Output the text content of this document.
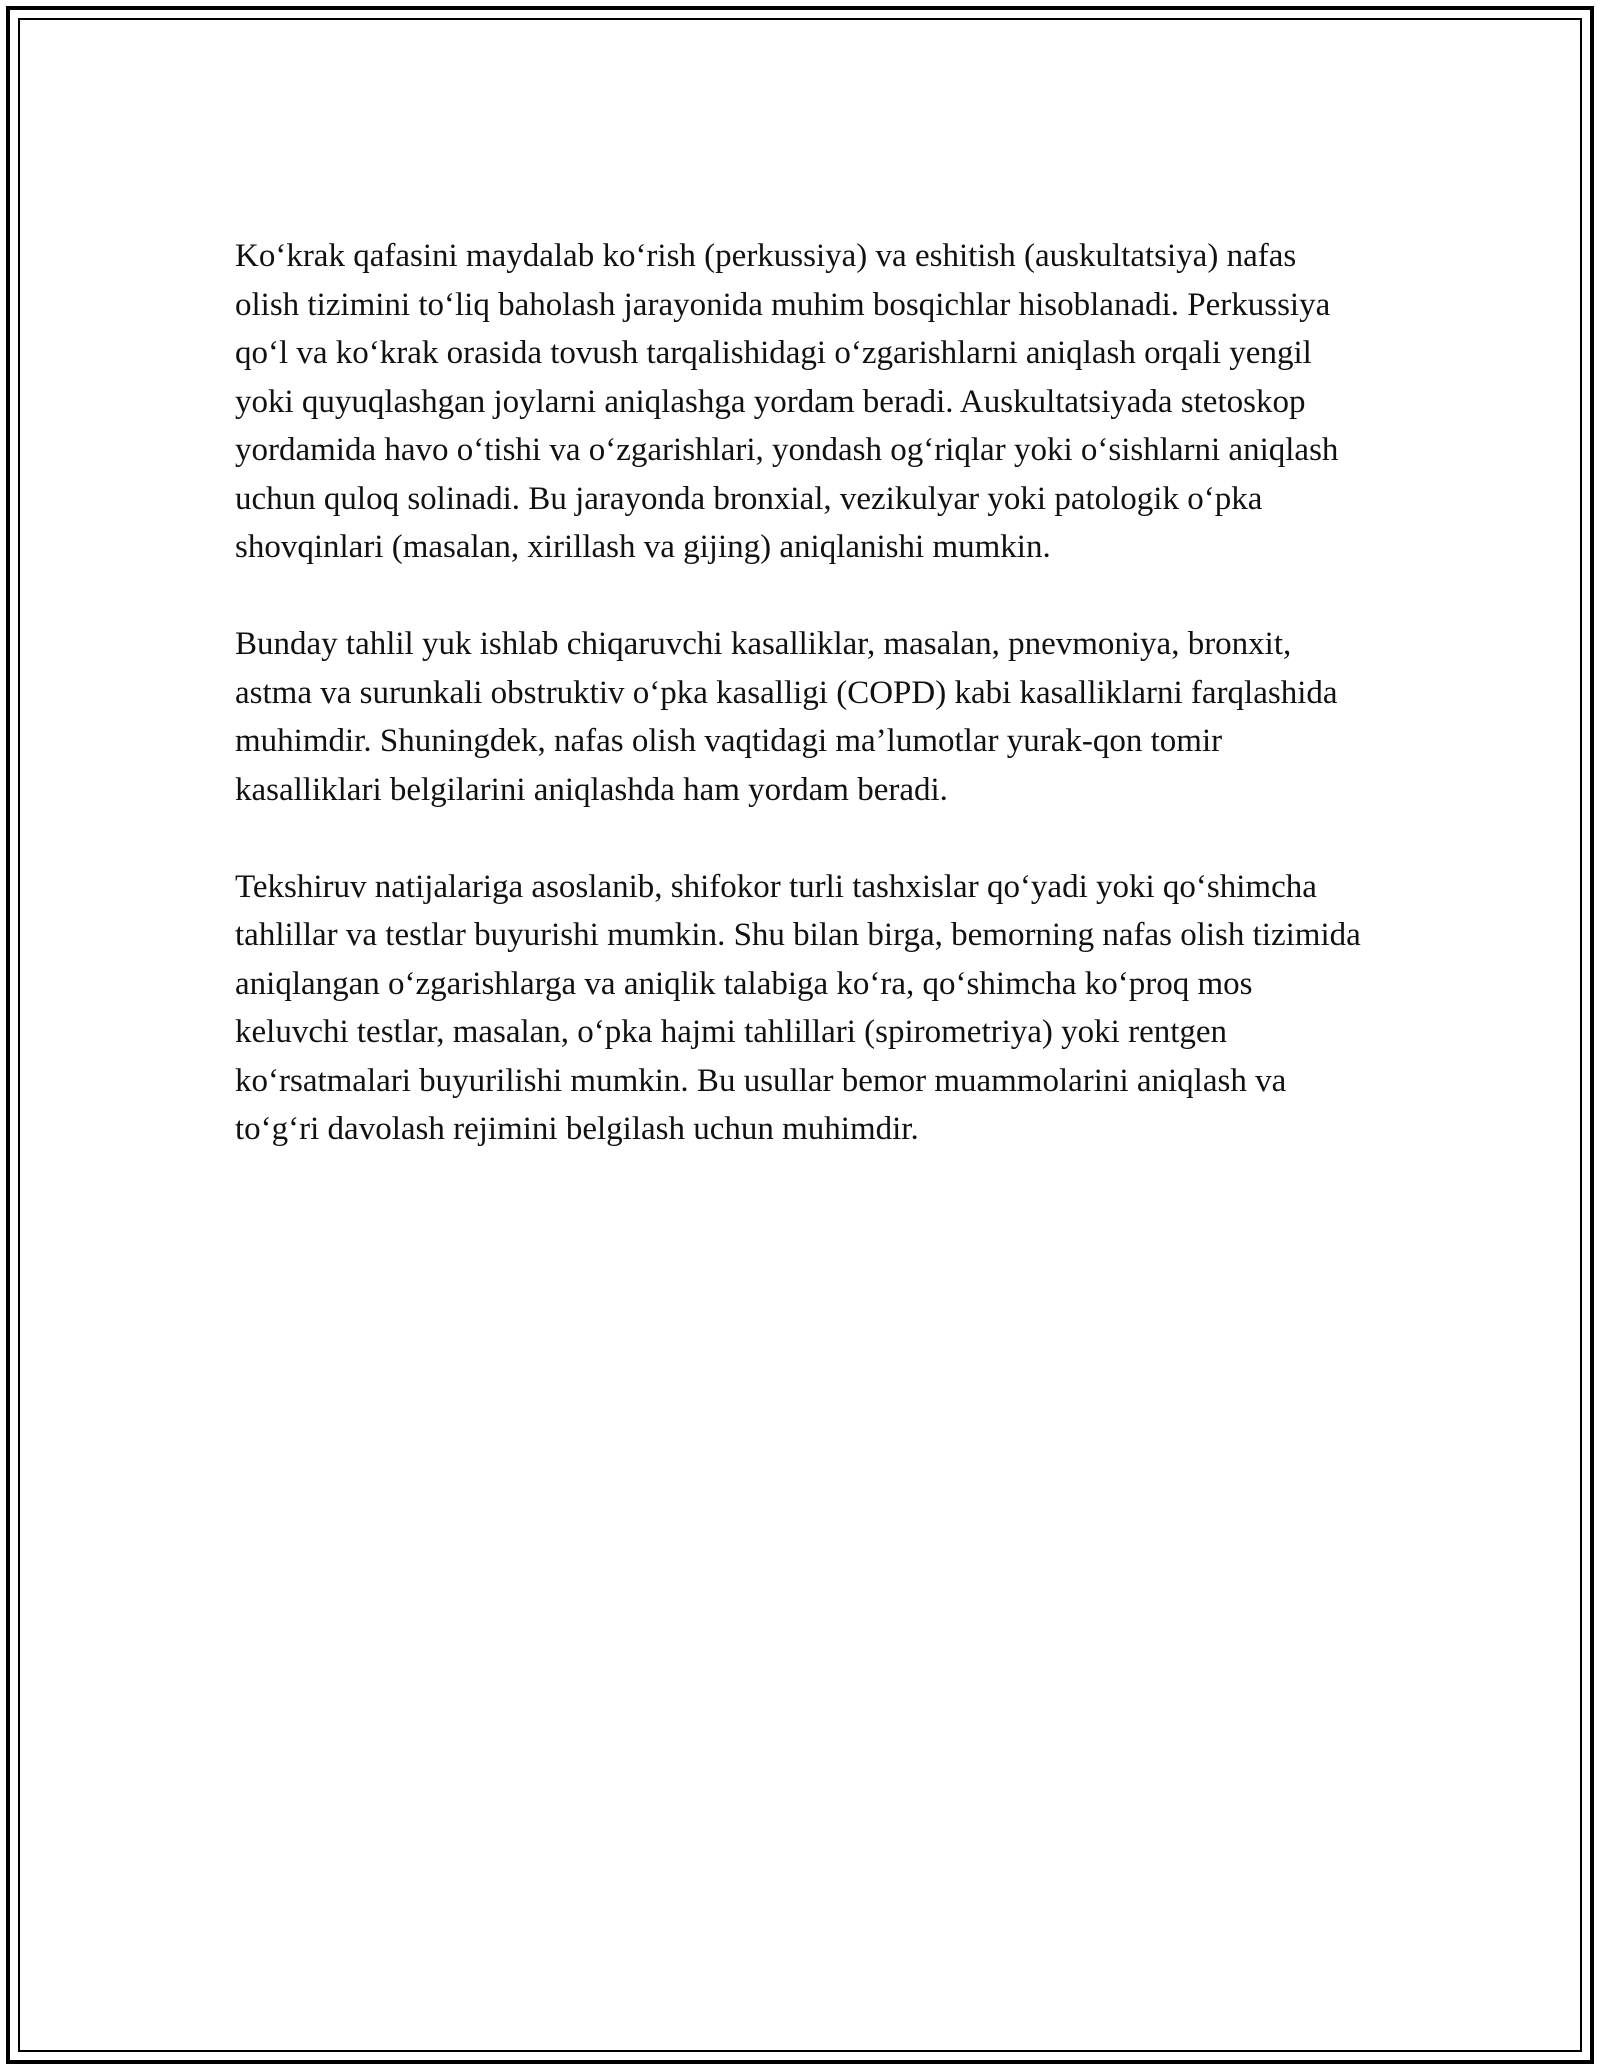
Ko‘krak qafasini maydalab ko‘rish (perkussiya) va eshitish (auskultatsiya) nafas olish tizimini to‘liq baholash jarayonida muhim bosqichlar hisoblanadi. Perkussiya qo‘l va ko‘krak orasida tovush tarqalishidagi o‘zgarishlarni aniqlash orqali yengil yoki quyuqlashgan joylarni aniqlashga yordam beradi. Auskultatsiyada stetoskop yordamida havo o‘tishi va o‘zgarishlari, yondash og‘riqlar yoki o‘sishlarni aniqlash uchun quloq solinadi. Bu jarayonda bronxial, vezikulyar yoki patologik o‘pka shovqinlari (masalan, xirillash va gijing) aniqlanishi mumkin.

Bunday tahlil yuk ishlab chiqaruvchi kasalliklar, masalan, pnevmoniya, bronxit, astma va surunkali obstruktiv o‘pka kasalligi (COPD) kabi kasalliklarni farqlashida muhimdir. Shuningdek, nafas olish vaqtidagi ma’lumotlar yurak-qon tomir kasalliklari belgilarini aniqlashda ham yordam beradi.

Tekshiruv natijalariga asoslanib, shifokor turli tashxislar qo‘yadi yoki qo‘shimcha tahlillar va testlar buyurishi mumkin. Shu bilan birga, bemorning nafas olish tizimida aniqlangan o‘zgarishlarga va aniqlik talabiga ko‘ra, qo‘shimcha ko‘proq mos keluvchi testlar, masalan, o‘pka hajmi tahlillari (spirometriya) yoki rentgen ko‘rsatmalari buyurilishi mumkin. Bu usullar bemor muammolarini aniqlash va to‘g‘ri davolash rejimini belgilash uchun muhimdir.
